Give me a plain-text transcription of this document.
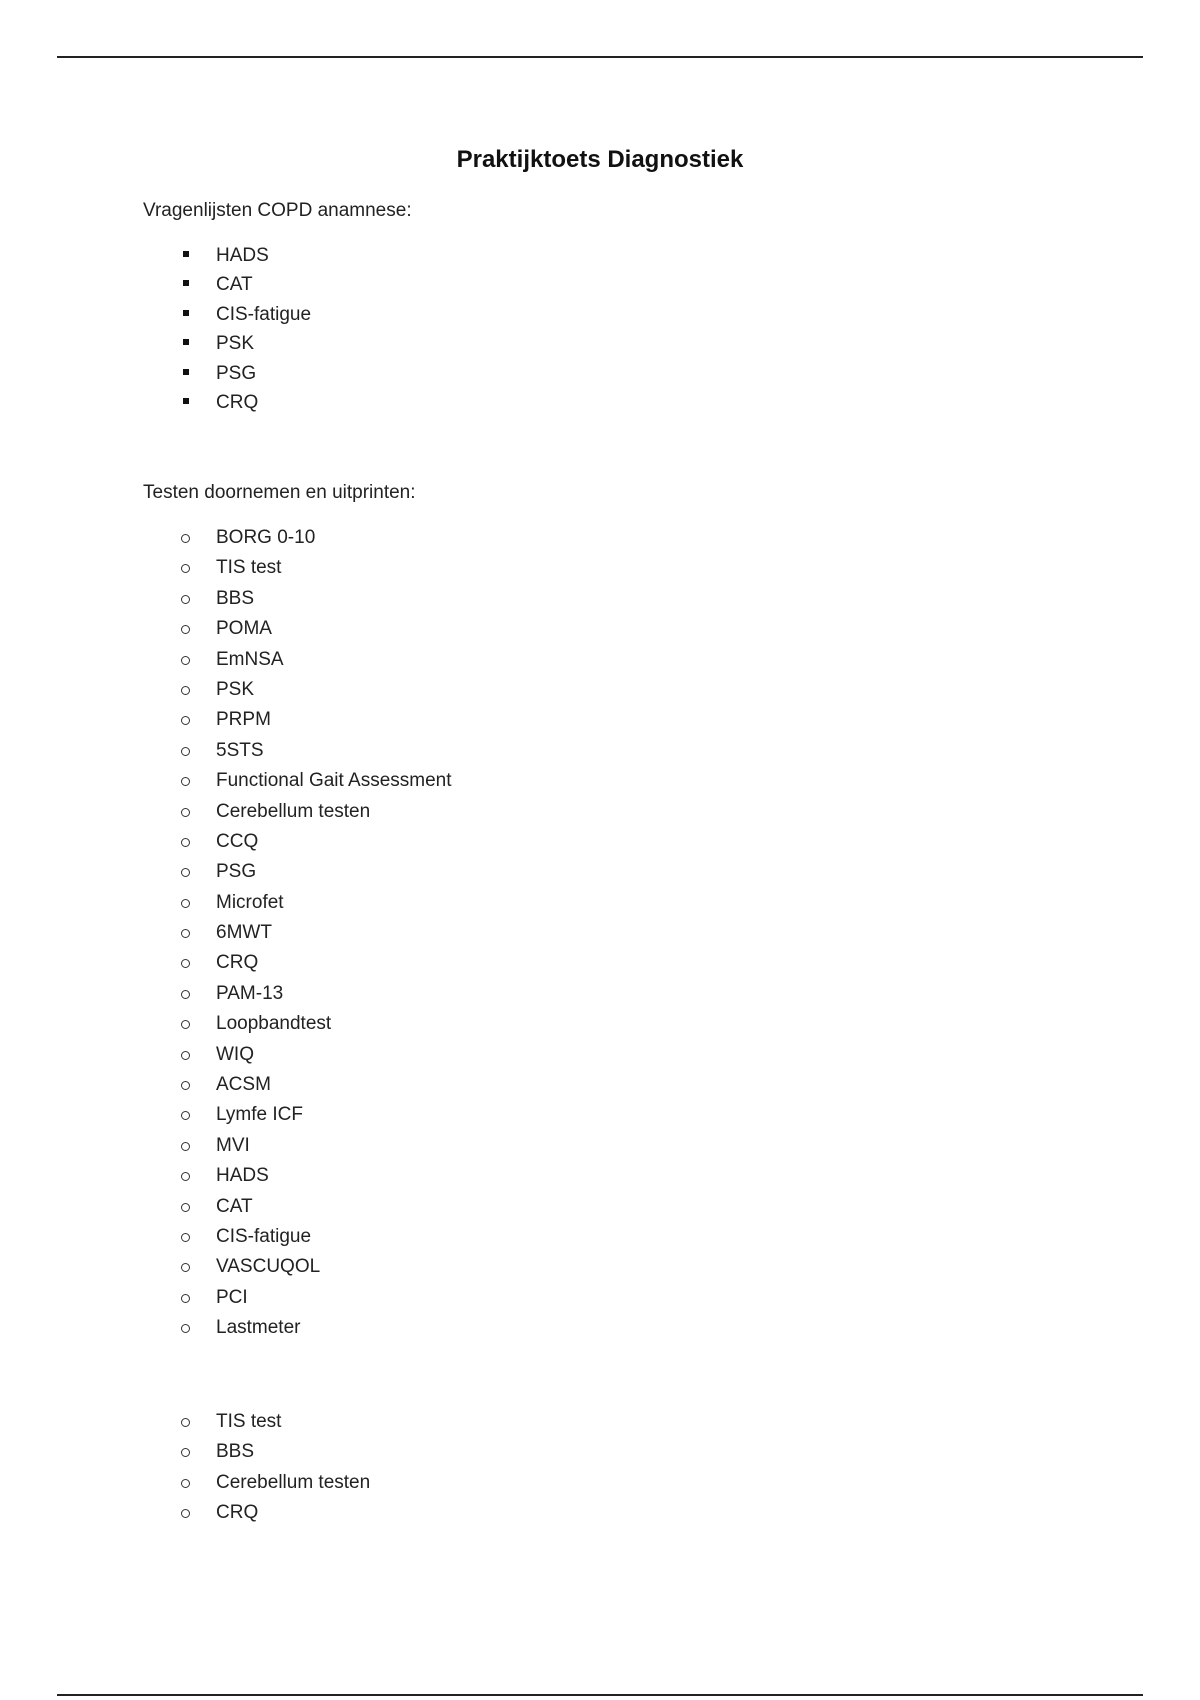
Praktijktoets Diagnostiek
Vragenlijsten COPD anamnese:
HADS
CAT
CIS-fatigue
PSK
PSG
CRQ
Testen doornemen en uitprinten:
BORG 0-10
TIS test
BBS
POMA
EmNSA
PSK
PRPM
5STS
Functional Gait Assessment
Cerebellum testen
CCQ
PSG
Microfet
6MWT
CRQ
PAM-13
Loopbandtest
WIQ
ACSM
Lymfe ICF
MVI
HADS
CAT
CIS-fatigue
VASCUQOL
PCI
Lastmeter
TIS test
BBS
Cerebellum testen
CRQ
